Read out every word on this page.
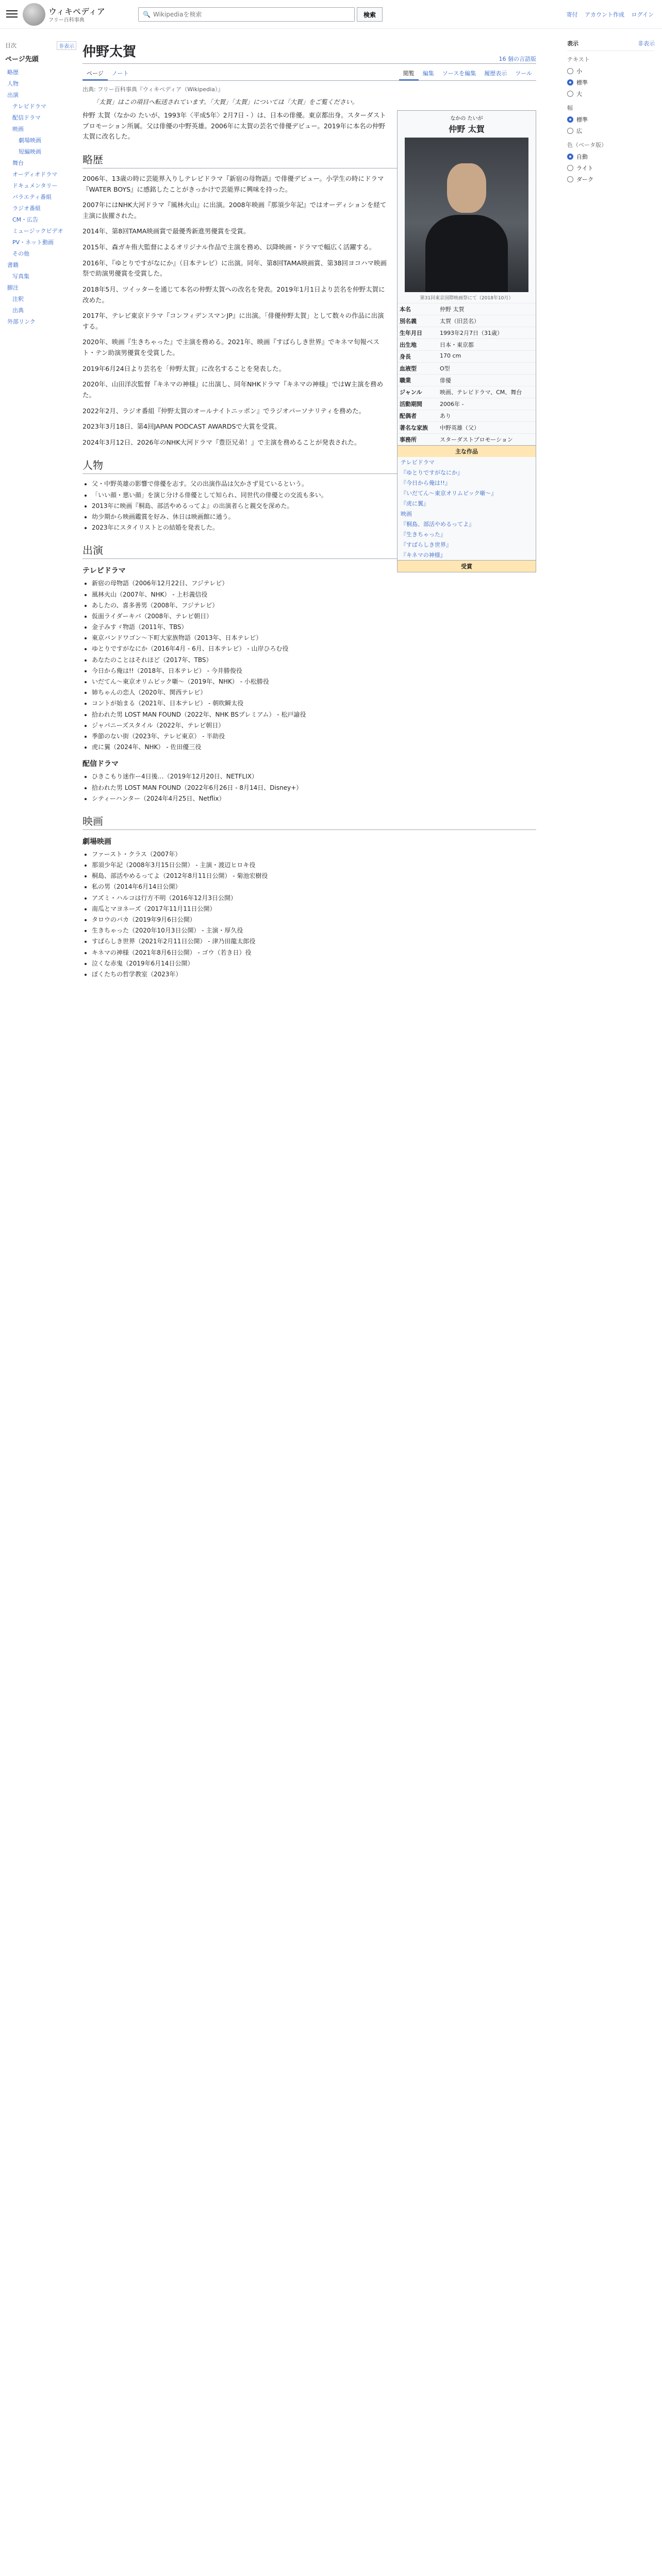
ウィキペディア
フリー百科事典
🔍
Wikipediaを検索	検索	寄付 アカウント作成 ログイン
目次	非表示
ページ先頭
略歴
人物
出演
テレビドラマ
配信ドラマ
映画
劇場映画
短編映画
舞台
オーディオドラマ
ドキュメンタリー
バラエティ番組
ラジオ番組
CM・広告
ミュージックビデオ
PV・ネット動画
その他
書籍
写真集
脚注
注釈
出典
外部リンク
仲野太賀	16 個の言語版
ページ	ノート	閲覧	編集	ソースを編集	履歴表示	ツール
出典: フリー百科事典『ウィキペディア（Wikipedia）』
「太賀」はこの項目へ転送されています。「大賀」「太賀」については「大賀」をご覧ください。
なかの たいが
仲野 太賀
第31回東京国際映画祭にて（2018年10月）
本名	仲野 太賀
別名義	太賀（旧芸名）
生年月日	1993年2月7日（31歳）
出生地	日本・東京都
身長	170 cm
血液型	O型
職業	俳優
ジャンル	映画、テレビドラマ、CM、舞台
活動期間	2006年 -
配偶者	あり
著名な家族	中野英雄（父）
事務所	スターダストプロモーション
主な作品
テレビドラマ
『ゆとりですがなにか』
『今日から俺は!!』
『いだてん〜東京オリムピック噺〜』
『虎に翼』
映画
『桐島、部活やめるってよ』
『生きちゃった』
『すばらしき世界』
『キネマの神様』
受賞

仲野 太賀（なかの たいが、1993年〈平成5年〉2月7日 - ）は、日本の俳優。東京都出身。スターダストプロモーション所属。父は俳優の中野英雄。2006年に太賀の芸名で俳優デビュー。2019年に本名の仲野太賀に改名した。

略歴

2006年、13歳の時に芸能界入りしテレビドラマ『新宿の母物語』で俳優デビュー。小学生の時にドラマ『WATER BOYS』に感銘したことがきっかけで芸能界に興味を持った。

2007年にはNHK大河ドラマ『風林火山』に出演。2008年映画『那須少年記』ではオーディションを経て主演に抜擢された。

2014年、第8回TAMA映画賞で最優秀新進男優賞を受賞。

2015年、森ガキ侑大監督によるオリジナル作品で主演を務め、以降映画・ドラマで幅広く活躍する。

2016年、『ゆとりですがなにか』（日本テレビ）に出演。同年、第8回TAMA映画賞、第38回ヨコハマ映画祭で助演男優賞を受賞した。

2018年5月、ツイッターを通じて本名の仲野太賀への改名を発表。2019年1月1日より芸名を仲野太賀に改めた。

2017年、テレビ東京ドラマ『コンフィデンスマンJP』に出演。「俳優仲野太賀」として数々の作品に出演する。

2020年、映画『生きちゃった』で主演を務める。2021年、映画『すばらしき世界』でキネマ旬報ベスト・テン助演男優賞を受賞した。

2019年6月24日より芸名を「仲野太賀」に改名することを発表した。

2020年、山田洋次監督『キネマの神様』に出演し、同年NHKドラマ『キネマの神様』ではW主演を務めた。

2022年2月、ラジオ番組『仲野太賀のオールナイトニッポン』でラジオパーソナリティを務めた。

2023年3月18日、第4回JAPAN PODCAST AWARDSで大賞を受賞。

2024年3月12日、2026年のNHK大河ドラマ『豊臣兄弟！』で主演を務めることが発表された。

人物
• 父・中野英雄の影響で俳優を志す。父の出演作品は欠かさず見ているという。
• 「いい顔・悪い顔」を演じ分ける俳優として知られ、同世代の俳優との交流も多い。
• 2013年に映画『桐島、部活やめるってよ』の出演者らと親交を深めた。
• 幼少期から映画鑑賞を好み、休日は映画館に通う。
• 2023年にスタイリストとの結婚を発表した。
出演
テレビドラマ
• 新宿の母物語（2006年12月22日、フジテレビ）
• 風林火山（2007年、NHK） - 上杉義信役
• あしたの、喜多善男（2008年、フジテレビ）
• 仮面ライダーキバ（2008年、テレビ朝日）
• 金子みすゞ物語（2011年、TBS）
• 東京バンドワゴン〜下町大家族物語（2013年、日本テレビ）
• ゆとりですがなにか（2016年4月 - 6月、日本テレビ） - 山岸ひろむ役
• あなたのことはそれほど（2017年、TBS）
• 今日から俺は!!（2018年、日本テレビ） - 今井勝俊役
• いだてん〜東京オリムピック噺〜（2019年、NHK） - 小松勝役
• 姉ちゃんの恋人（2020年、関西テレビ）
• コントが始まる（2021年、日本テレビ） - 朝吹瞬太役
• 拾われた男 LOST MAN FOUND（2022年、NHK BSプレミアム） - 松戸諭役
• ジャパニーズスタイル（2022年、テレビ朝日）
• 季節のない街（2023年、テレビ東京） - 半助役
• 虎に翼（2024年、NHK） - 佐田優三役
配信ドラマ
• ひきこもり迷作ー4日後…（2019年12月20日、NETFLIX）
• 拾われた男 LOST MAN FOUND（2022年6月26日 - 8月14日、Disney+）
• シティーハンター（2024年4月25日、Netflix）
映画
劇場映画
• ファースト・クラス（2007年）
• 那須少年記（2008年3月15日公開） - 主演・渡辺ヒロキ役
• 桐島、部活やめるってよ（2012年8月11日公開） - 菊池宏樹役
• 私の男（2014年6月14日公開）
• アズミ・ハルコは行方不明（2016年12月3日公開）
• 南瓜とマヨネーズ（2017年11月11日公開）
• タロウのバカ（2019年9月6日公開）
• 生きちゃった（2020年10月3日公開） - 主演・厚久役
• すばらしき世界（2021年2月11日公開） - 津乃田龍太郎役
• キネマの神様（2021年8月6日公開） - ゴウ（若き日）役
• 泣くな赤鬼（2019年6月14日公開）
• ぼくたちの哲学教室（2023年）
表示	非表示
テキスト
小
標準
大
幅
標準
広
色（ベータ版）
自動
ライト
ダーク
